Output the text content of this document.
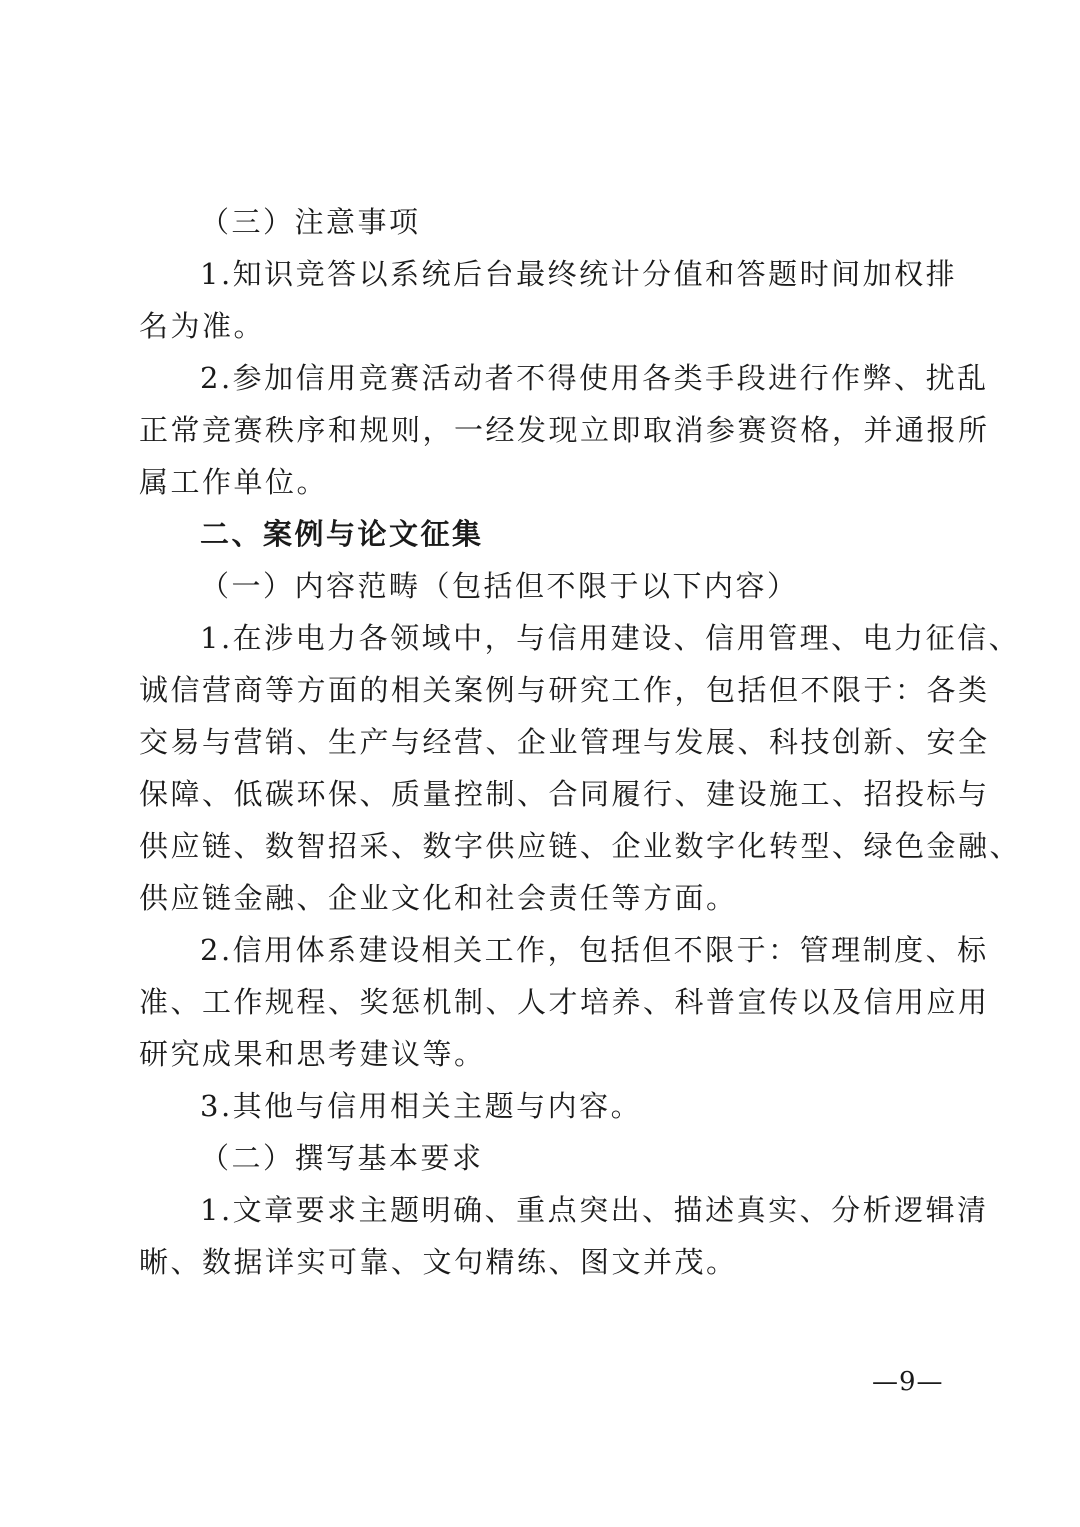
（三）注意事项
1.知识竞答以系统后台最终统计分值和答题时间加权排
名为准。
2.参加信用竞赛活动者不得使用各类手段进行作弊、扰乱
正常竞赛秩序和规则，一经发现立即取消参赛资格，并通报所
属工作单位。
二、案例与论文征集
（一）内容范畴（包括但不限于以下内容）
1.在涉电力各领域中，与信用建设、信用管理、电力征信、
诚信营商等方面的相关案例与研究工作，包括但不限于：各类
交易与营销、生产与经营、企业管理与发展、科技创新、安全
保障、低碳环保、质量控制、合同履行、建设施工、招投标与
供应链、数智招采、数字供应链、企业数字化转型、绿色金融、
供应链金融、企业文化和社会责任等方面。
2.信用体系建设相关工作，包括但不限于：管理制度、标
准、工作规程、奖惩机制、人才培养、科普宣传以及信用应用
研究成果和思考建议等。
3.其他与信用相关主题与内容。
（二）撰写基本要求
1.文章要求主题明确、重点突出、描述真实、分析逻辑清
晰、数据详实可靠、文句精练、图文并茂。
—9—
